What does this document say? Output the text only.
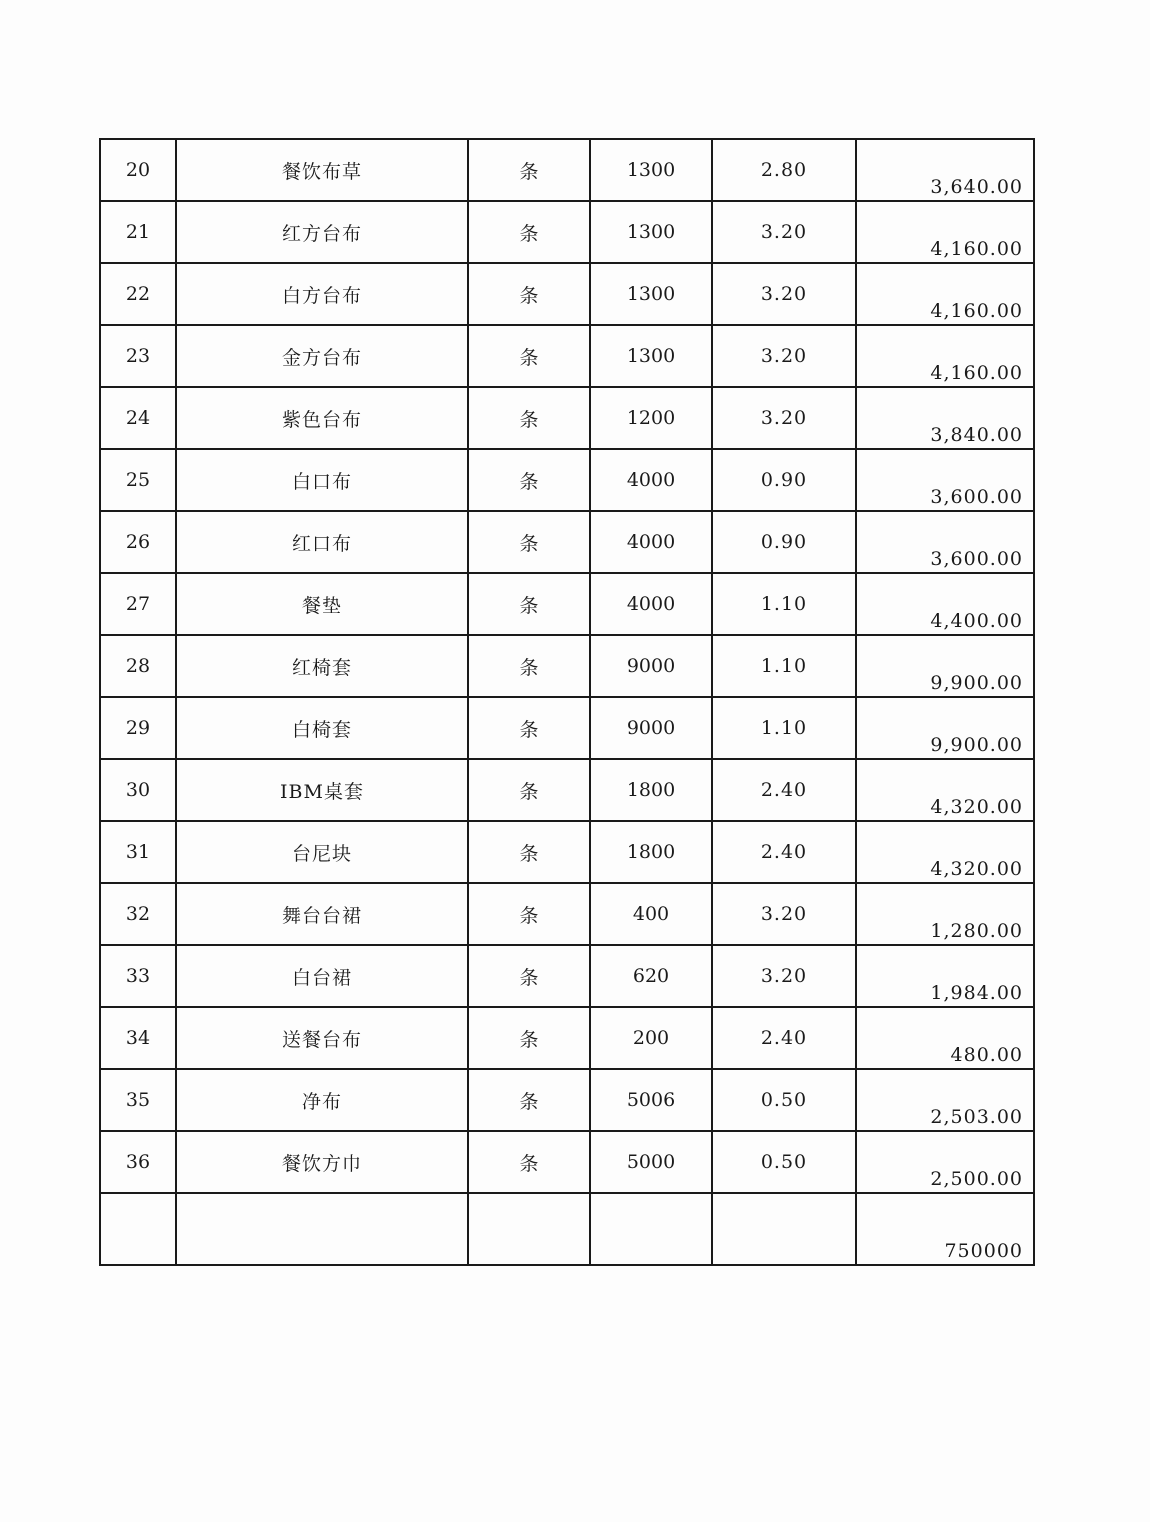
20	餐饮布草	条	1300	2.80	3,640.00
21	红方台布	条	1300	3.20	4,160.00
22	白方台布	条	1300	3.20	4,160.00
23	金方台布	条	1300	3.20	4,160.00
24	紫色台布	条	1200	3.20	3,840.00
25	白口布	条	4000	0.90	3,600.00
26	红口布	条	4000	0.90	3,600.00
27	餐垫	条	4000	1.10	4,400.00
28	红椅套	条	9000	1.10	9,900.00
29	白椅套	条	9000	1.10	9,900.00
30	IBM桌套	条	1800	2.40	4,320.00
31	台尼块	条	1800	2.40	4,320.00
32	舞台台裙	条	400	3.20	1,280.00
33	白台裙	条	620	3.20	1,984.00
34	送餐台布	条	200	2.40	480.00
35	净布	条	5006	0.50	2,503.00
36	餐饮方巾	条	5000	0.50	2,500.00
					750000
